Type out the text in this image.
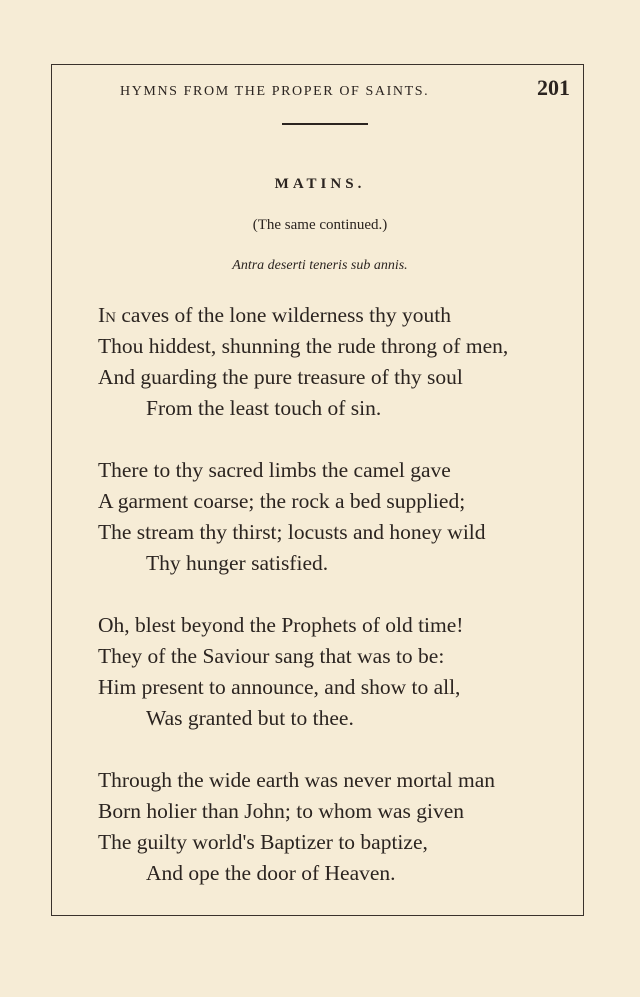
HYMNS FROM THE PROPER OF SAINTS.	201
MATINS.
(The same continued.)
Antra deserti teneris sub annis.
In caves of the lone wilderness thy youth
Thou hiddest, shunning the rude throng of men,
And guarding the pure treasure of thy soul
From the least touch of sin.
There to thy sacred limbs the camel gave
A garment coarse; the rock a bed supplied;
The stream thy thirst; locusts and honey wild
Thy hunger satisfied.
Oh, blest beyond the Prophets of old time!
They of the Saviour sang that was to be:
Him present to announce, and show to all,
Was granted but to thee.
Through the wide earth was never mortal man
Born holier than John; to whom was given
The guilty world's Baptizer to baptize,
And ope the door of Heaven.
